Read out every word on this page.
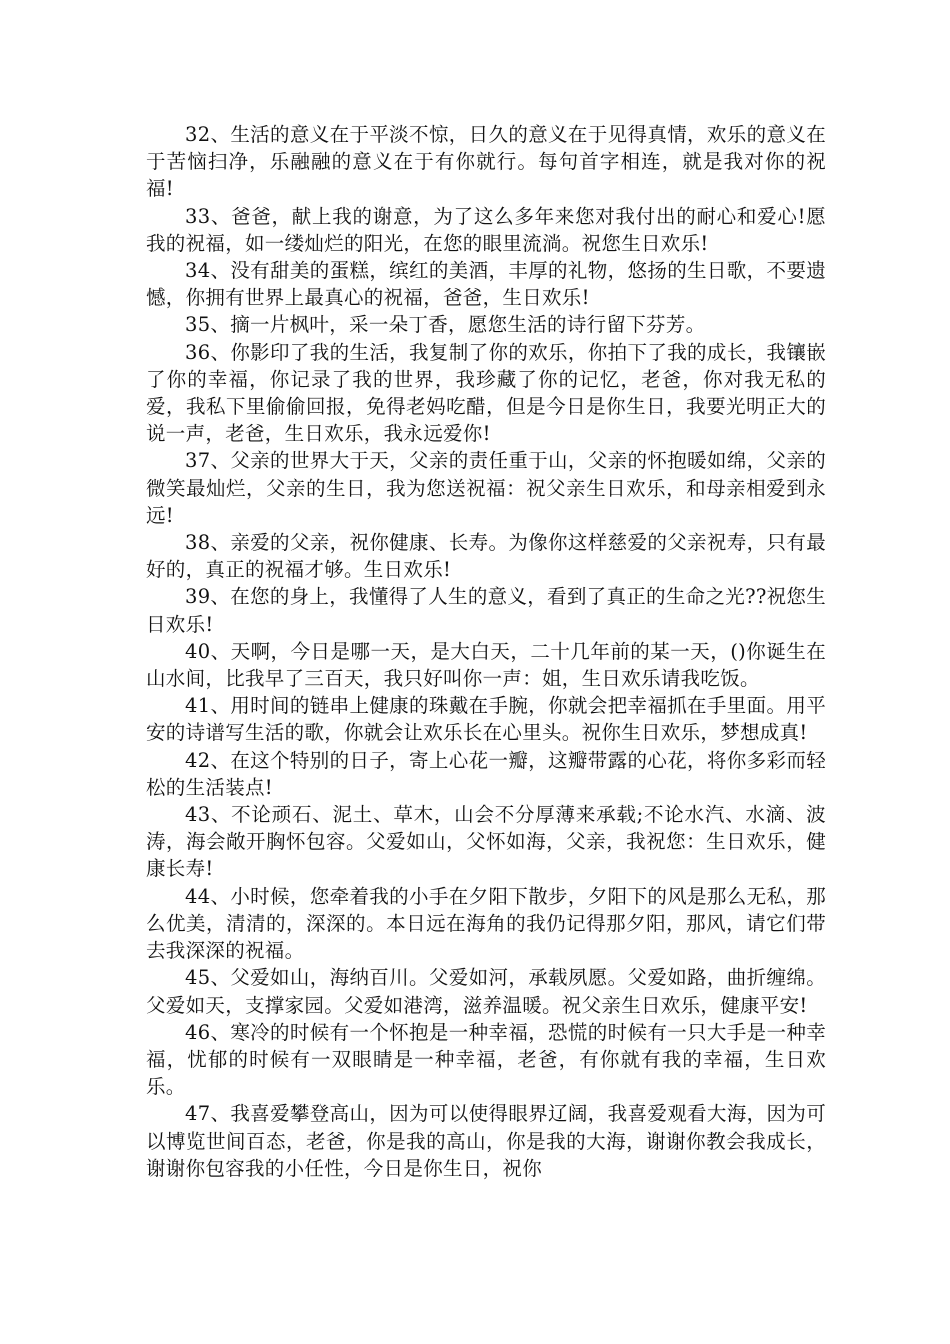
32、生活的意义在于平淡不惊，日久的意义在于见得真情，欢乐的意义在于苦恼扫净，乐融融的意义在于有你就行。每句首字相连，就是我对你的祝福!

33、爸爸，献上我的谢意，为了这么多年来您对我付出的耐心和爱心!愿我的祝福，如一缕灿烂的阳光，在您的眼里流淌。祝您生日欢乐!

34、没有甜美的蛋糕，缤红的美酒，丰厚的礼物，悠扬的生日歌，不要遗憾，你拥有世界上最真心的祝福，爸爸，生日欢乐!

35、摘一片枫叶，采一朵丁香，愿您生活的诗行留下芬芳。

36、你影印了我的生活，我复制了你的欢乐，你拍下了我的成长，我镶嵌了你的幸福，你记录了我的世界，我珍藏了你的记忆，老爸，你对我无私的爱，我私下里偷偷回报，免得老妈吃醋，但是今日是你生日，我要光明正大的说一声，老爸，生日欢乐，我永远爱你!

37、父亲的世界大于天，父亲的责任重于山，父亲的怀抱暖如绵，父亲的微笑最灿烂，父亲的生日，我为您送祝福：祝父亲生日欢乐，和母亲相爱到永远!

38、亲爱的父亲，祝你健康、长寿。为像你这样慈爱的父亲祝寿，只有最好的，真正的祝福才够。生日欢乐!

39、在您的身上，我懂得了人生的意义，看到了真正的生命之光??祝您生日欢乐!

40、天啊，今日是哪一天，是大白天，二十几年前的某一天，()你诞生在山水间，比我早了三百天，我只好叫你一声：姐，生日欢乐请我吃饭。

41、用时间的链串上健康的珠戴在手腕，你就会把幸福抓在手里面。用平安的诗谱写生活的歌，你就会让欢乐长在心里头。祝你生日欢乐，梦想成真!

42、在这个特别的日子，寄上心花一瓣，这瓣带露的心花，将你多彩而轻松的生活装点!

43、不论顽石、泥土、草木，山会不分厚薄来承载;不论水汽、水滴、波涛，海会敞开胸怀包容。父爱如山，父怀如海，父亲，我祝您：生日欢乐，健康长寿!

44、小时候，您牵着我的小手在夕阳下散步，夕阳下的风是那么无私，那么优美，清清的，深深的。本日远在海角的我仍记得那夕阳，那风，请它们带去我深深的祝福。

45、父爱如山，海纳百川。父爱如河，承载夙愿。父爱如路，曲折缠绵。父爱如天，支撑家园。父爱如港湾，滋养温暖。祝父亲生日欢乐，健康平安!

46、寒冷的时候有一个怀抱是一种幸福，恐慌的时候有一只大手是一种幸福，忧郁的时候有一双眼睛是一种幸福，老爸，有你就有我的幸福，生日欢乐。

47、我喜爱攀登高山，因为可以使得眼界辽阔，我喜爱观看大海，因为可以博览世间百态，老爸，你是我的高山，你是我的大海，谢谢你教会我成长，谢谢你包容我的小任性，今日是你生日，祝你
